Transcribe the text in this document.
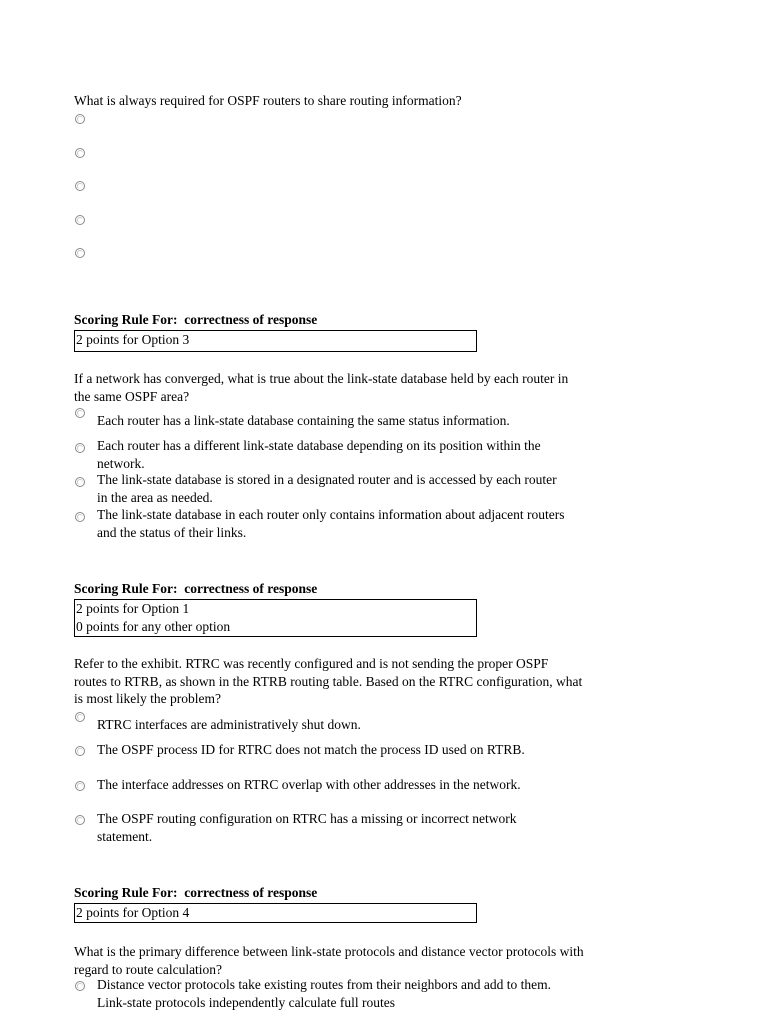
What is always required for OSPF routers to share routing information?
Scoring Rule For:  correctness of response
2 points for Option 3
If a network has converged, what is true about the link-state database held by each router in the same OSPF area?
Each router has a link-state database containing the same status information.
Each router has a different link-state database depending on its position within the network.
The link-state database is stored in a designated router and is accessed by each router in the area as needed.
The link-state database in each router only contains information about adjacent routers and the status of their links.
Scoring Rule For:  correctness of response
2 points for Option 1
0 points for any other option
Refer to the exhibit. RTRC was recently configured and is not sending the proper OSPF routes to RTRB, as shown in the RTRB routing table. Based on the RTRC configuration, what is most likely the problem?
RTRC interfaces are administratively shut down.
The OSPF process ID for RTRC does not match the process ID used on RTRB.
The interface addresses on RTRC overlap with other addresses in the network.
The OSPF routing configuration on RTRC has a missing or incorrect network statement.
Scoring Rule For:  correctness of response
2 points for Option 4
What is the primary difference between link-state protocols and distance vector protocols with regard to route calculation?
Distance vector protocols take existing routes from their neighbors and add to them. Link-state protocols independently calculate full routes
